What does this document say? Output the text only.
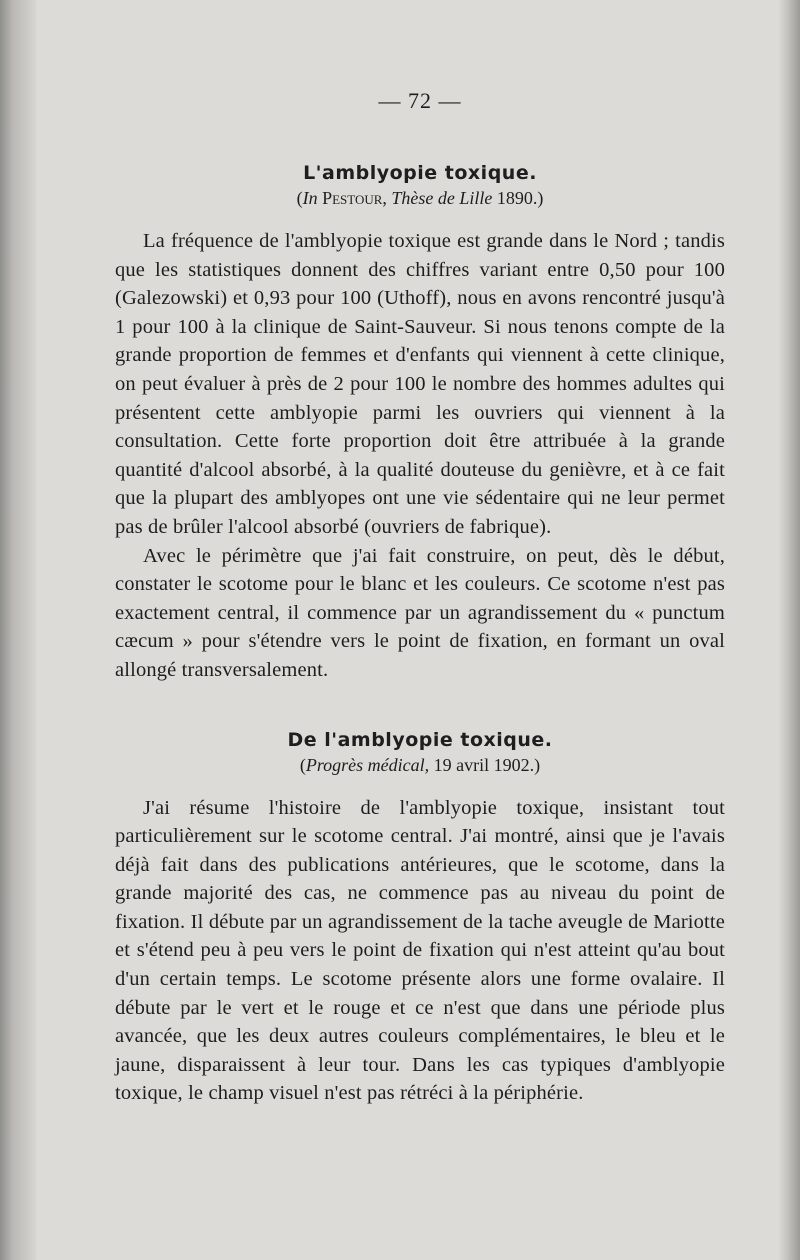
— 72 —
L'amblyopie toxique.
(In Pestour, Thèse de Lille 1890.)

La fréquence de l'amblyopie toxique est grande dans le Nord ; tandis que les statistiques donnent des chiffres variant entre 0,50 pour 100 (Galezowski) et 0,93 pour 100 (Uthoff), nous en avons rencontré jusqu'à 1 pour 100 à la clinique de Saint-Sauveur. Si nous tenons compte de la grande proportion de femmes et d'enfants qui viennent à cette clinique, on peut évaluer à près de 2 pour 100 le nombre des hommes adultes qui présentent cette amblyopie parmi les ouvriers qui viennent à la consultation. Cette forte proportion doit être attribuée à la grande quantité d'alcool absorbé, à la qualité douteuse du genièvre, et à ce fait que la plupart des amblyopes ont une vie sédentaire qui ne leur permet pas de brûler l'alcool absorbé (ouvriers de fabrique).

Avec le périmètre que j'ai fait construire, on peut, dès le début, constater le scotome pour le blanc et les couleurs. Ce scotome n'est pas exactement central, il commence par un agrandissement du « punctum cæcum » pour s'étendre vers le point de fixation, en formant un oval allongé transversalement.

De l'amblyopie toxique.
(Progrès médical, 19 avril 1902.)

J'ai résume l'histoire de l'amblyopie toxique, insistant tout particulièrement sur le scotome central. J'ai montré, ainsi que je l'avais déjà fait dans des publications antérieures, que le scotome, dans la grande majorité des cas, ne commence pas au niveau du point de fixation. Il débute par un agrandissement de la tache aveugle de Mariotte et s'étend peu à peu vers le point de fixation qui n'est atteint qu'au bout d'un certain temps. Le scotome présente alors une forme ovalaire. Il débute par le vert et le rouge et ce n'est que dans une période plus avancée, que les deux autres couleurs complémentaires, le bleu et le jaune, disparaissent à leur tour. Dans les cas typiques d'amblyopie toxique, le champ visuel n'est pas rétréci à la périphérie.
